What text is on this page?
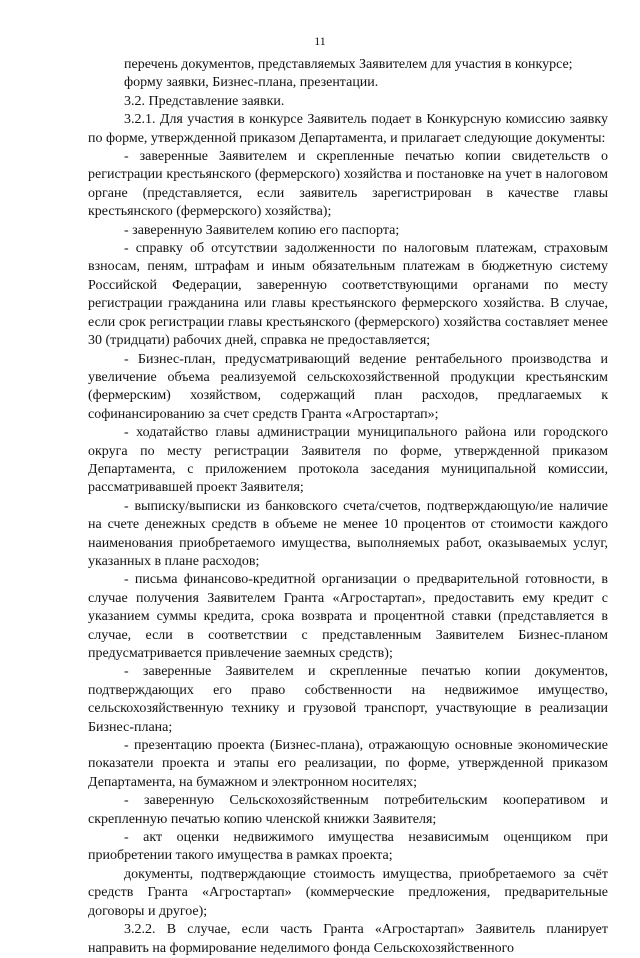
11

перечень документов, представляемых Заявителем для участия в конкурсе;

форму заявки, Бизнес-плана, презентации.

3.2. Представление заявки.

3.2.1. Для участия в конкурсе Заявитель подает в Конкурсную комиссию заявку по форме, утвержденной приказом Департамента, и прилагает следующие документы:

- заверенные Заявителем и скрепленные печатью копии свидетельств о регистрации крестьянского (фермерского) хозяйства и постановке на учет в налоговом органе (представляется, если заявитель зарегистрирован в качестве главы крестьянского (фермерского) хозяйства);

- заверенную Заявителем копию его паспорта;

- справку об отсутствии задолженности по налоговым платежам, страховым взносам, пеням, штрафам и иным обязательным платежам в бюджетную систему Российской Федерации, заверенную соответствующими органами по месту регистрации гражданина или главы крестьянского фермерского хозяйства. В случае, если срок регистрации главы крестьянского (фермерского) хозяйства составляет менее 30 (тридцати) рабочих дней, справка не предоставляется;

- Бизнес-план, предусматривающий ведение рентабельного производства и увеличение объема реализуемой сельскохозяйственной продукции крестьянским (фермерским) хозяйством, содержащий план расходов, предлагаемых к софинансированию за счет средств Гранта «Агростартап»;

- ходатайство главы администрации муниципального района или городского округа по месту регистрации Заявителя по форме, утвержденной приказом Департамента, с приложением протокола заседания муниципальной комиссии, рассматривавшей проект Заявителя;

- выписку/выписки из банковского счета/счетов, подтверждающую/ие наличие на счете денежных средств в объеме не менее 10 процентов от стоимости каждого наименования приобретаемого имущества, выполняемых работ, оказываемых услуг, указанных в плане расходов;

- письма финансово-кредитной организации о предварительной готовности, в случае получения Заявителем Гранта «Агростартап», предоставить ему кредит с указанием суммы кредита, срока возврата и процентной ставки (представляется в случае, если в соответствии с представленным Заявителем Бизнес-планом предусматривается привлечение заемных средств);

- заверенные Заявителем и скрепленные печатью копии документов, подтверждающих его право собственности на недвижимое имущество, сельскохозяйственную технику и грузовой транспорт, участвующие в реализации Бизнес-плана;

- презентацию проекта (Бизнес-плана), отражающую основные экономические показатели проекта и этапы его реализации, по форме, утвержденной приказом Департамента, на бумажном и электронном носителях;

- заверенную Сельскохозяйственным потребительским кооперативом и скрепленную печатью копию членской книжки Заявителя;

- акт оценки недвижимого имущества независимым оценщиком при приобретении такого имущества в рамках проекта;

документы, подтверждающие стоимость имущества, приобретаемого за счёт средств Гранта «Агростартап» (коммерческие предложения, предварительные договоры и другое);

3.2.2. В случае, если часть Гранта «Агростартап» Заявитель планирует направить на формирование неделимого фонда Сельскохозяйственного
